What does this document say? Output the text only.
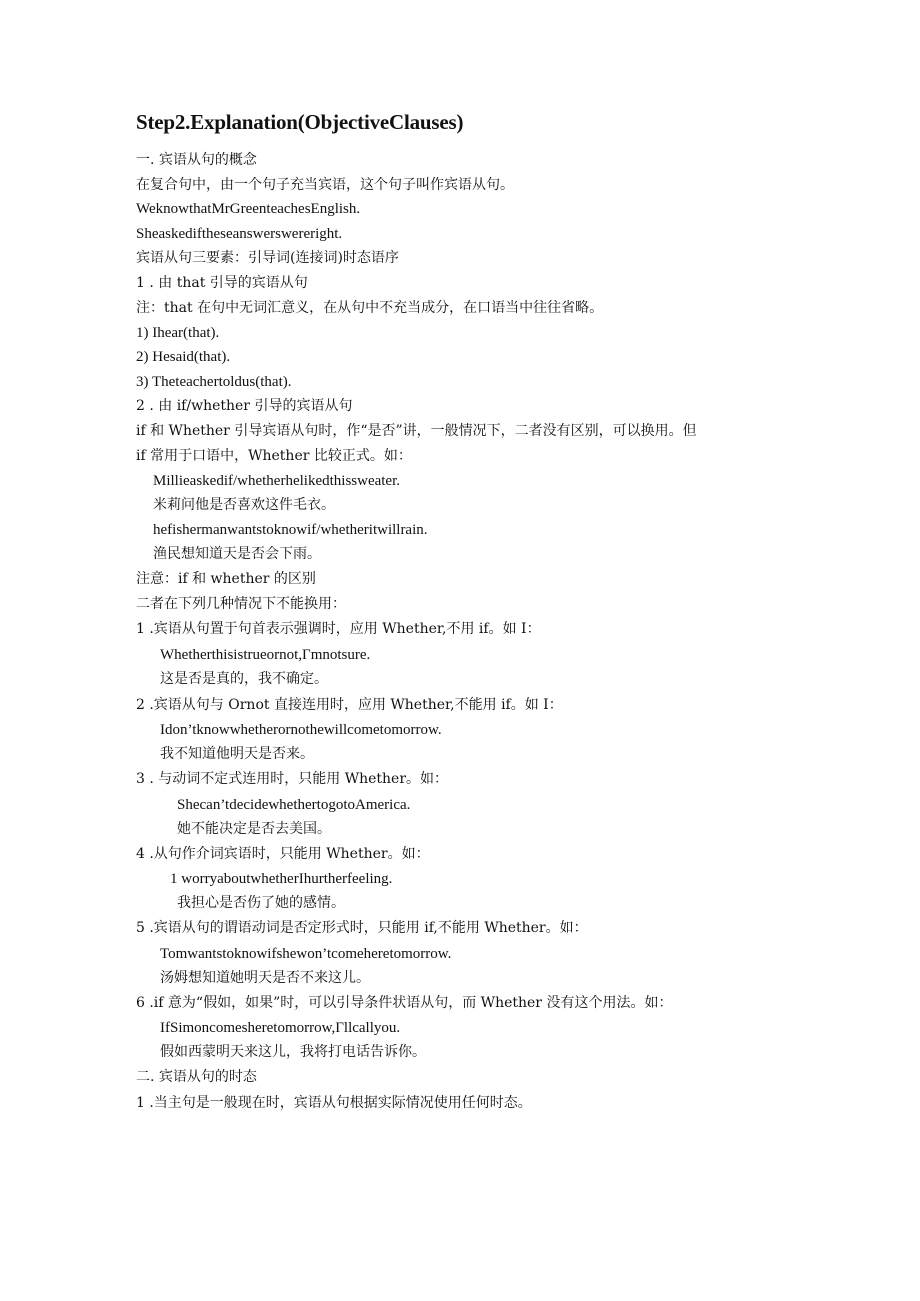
Step2.Explanation(ObjectiveClauses)
一. 宾语从句的概念
在复合句中，由一个句子充当宾语，这个句子叫作宾语从句。
WeknowthatMrGreenteachesEnglish.
Sheaskediftheseanswerswereright.
宾语从句三要素：引导词(连接词)时态语序
1 . 由 that 引导的宾语从句
注：that 在句中无词汇意义，在从句中不充当成分，在口语当中往往省略。
1) Ihear(that).
2) Hesaid(that).
3) Theteachertoldus(that).
2 . 由 if/whether 引导的宾语从句
if 和 Whether 引导宾语从句时，作“是否”讲，一般情况下，二者没有区别，可以换用。但
if 常用于口语中，Whether 比较正式。如：
Millieaskedif/whetherhelikedthissweater.
米莉问他是否喜欢这件毛衣。
hefishermanwantstoknowif/whetheritwillrain.
渔民想知道天是否会下雨。
注意：if 和 whether 的区别
二者在下列几种情况下不能换用：
1 .宾语从句置于句首表示强调时，应用 Whether,不用 if。如 I：
Whetherthisistrueornot,Γmnotsure.
这是否是真的，我不确定。
2 .宾语从句与 Ornot 直接连用时，应用 Whether,不能用 if。如 I：
Idon’tknowwhetherornothewillcometomorrow.
我不知道他明天是否来。
3 . 与动词不定式连用时，只能用 Whether。如：
Shecan’tdecidewhethertogotoAmerica.
她不能决定是否去美国。
4 .从句作介词宾语时，只能用 Whether。如：
1 worryaboutwhetherIhurtherfeeling.
我担心是否伤了她的感情。
5 .宾语从句的谓语动词是否定形式时，只能用 if,不能用 Whether。如：
Tomwantstoknowifshewon’tcomeheretomorrow.
汤姆想知道她明天是否不来这儿。
6 .if 意为“假如，如果”时，可以引导条件状语从句，而 Whether 没有这个用法。如：
IfSimoncomesheretomorrow,Γllcallyou.
假如西蒙明天来这儿，我将打电话告诉你。
二. 宾语从句的时态
1 .当主句是一般现在时，宾语从句根据实际情况使用任何时态。
